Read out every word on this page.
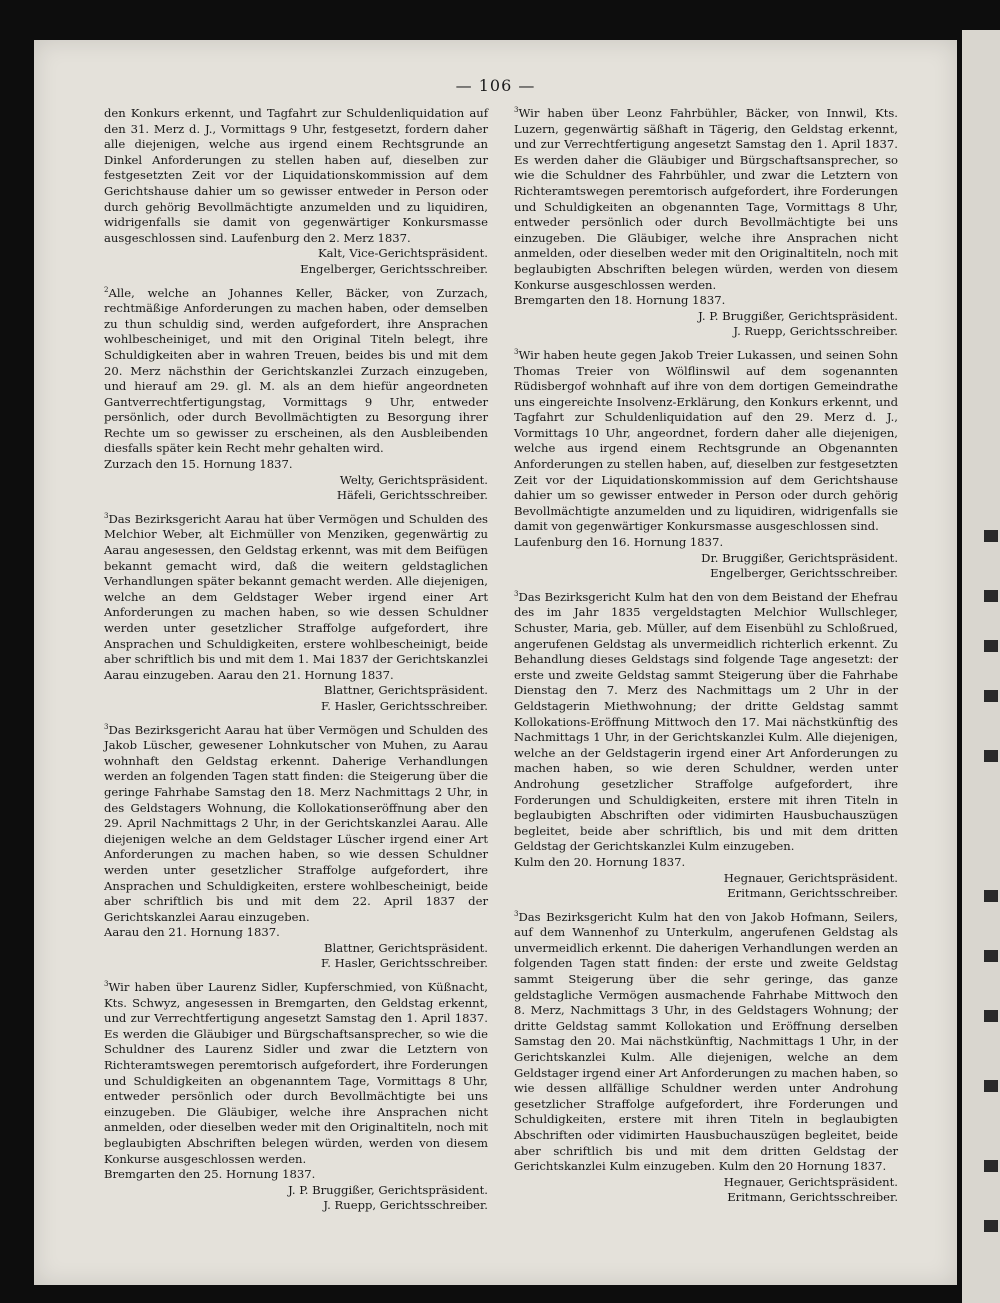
— 106 —

den Konkurs erkennt, und Tagfahrt zur Schuldenliquidation auf den 31. Merz d. J., Vormittags 9 Uhr, festgesetzt, fordern daher alle diejenigen, welche aus irgend einem Rechtsgrunde an Dinkel Anforderungen zu stellen haben auf, dieselben zur festgesetzten Zeit vor der Liquidationskommission auf dem Gerichtshause dahier um so gewisser entweder in Person oder durch gehörig Bevollmächtigte anzumelden und zu liquidiren, widrigenfalls sie damit von gegenwärtiger Konkursmasse ausgeschlossen sind. Laufenburg den 2. Merz 1837.

Kalt, Vice-Gerichtspräsident.

Engelberger, Gerichtsschreiber.

$^2$Alle, welche an Johannes Keller, Bäcker, von Zurzach, rechtmäßige Anforderungen zu machen haben, oder demselben zu thun schuldig sind, werden aufgefordert, ihre Ansprachen wohlbescheiniget, und mit den Original Titeln belegt, ihre Schuldigkeiten aber in wahren Treuen, beides bis und mit dem 20. Merz nächsthin der Gerichtskanzlei Zurzach einzugeben, und hierauf am 29. gl. M. als an dem hiefür angeordneten Gantverrechtfertigungstag, Vormittags 9 Uhr, entweder persönlich, oder durch Bevollmächtigten zu Besorgung ihrer Rechte um so gewisser zu erscheinen, als den Ausbleibenden diesfalls später kein Recht mehr gehalten wird.

Zurzach den 15. Hornung 1837.

Welty, Gerichtspräsident.

Häfeli, Gerichtsschreiber.

$^3$Das Bezirksgericht Aarau hat über Vermögen und Schulden des Melchior Weber, alt Eichmüller von Menziken, gegenwärtig zu Aarau angesessen, den Geldstag erkennt, was mit dem Beifügen bekannt gemacht wird, daß die weitern geldstaglichen Verhandlungen später bekannt gemacht werden. Alle diejenigen, welche an dem Geldstager Weber irgend einer Art Anforderungen zu machen haben, so wie dessen Schuldner werden unter gesetzlicher Straffolge aufgefordert, ihre Ansprachen und Schuldigkeiten, erstere wohlbescheinigt, beide aber schriftlich bis und mit dem 1. Mai 1837 der Gerichtskanzlei Aarau einzugeben. Aarau den 21. Hornung 1837.

Blattner, Gerichtspräsident.

F. Hasler, Gerichtsschreiber.

$^3$Das Bezirksgericht Aarau hat über Vermögen und Schulden des Jakob Lüscher, gewesener Lohnkutscher von Muhen, zu Aarau wohnhaft den Geldstag erkennt. Daherige Verhandlungen werden an folgenden Tagen statt finden: die Steigerung über die geringe Fahrhabe Samstag den 18. Merz Nachmittags 2 Uhr, in des Geldstagers Wohnung, die Kollokationseröffnung aber den 29. April Nachmittags 2 Uhr, in der Gerichtskanzlei Aarau. Alle diejenigen welche an dem Geldstager Lüscher irgend einer Art Anforderungen zu machen haben, so wie dessen Schuldner werden unter gesetzlicher Straffolge aufgefordert, ihre Ansprachen und Schuldigkeiten, erstere wohlbescheinigt, beide aber schriftlich bis und mit dem 22. April 1837 der Gerichtskanzlei Aarau einzugeben.

Aarau den 21. Hornung 1837.

Blattner, Gerichtspräsident.

F. Hasler, Gerichtsschreiber.

$^3$Wir haben über Laurenz Sidler, Kupferschmied, von Küßnacht, Kts. Schwyz, angesessen in Bremgarten, den Geldstag erkennt, und zur Verrechtfertigung angesetzt Samstag den 1. April 1837. Es werden die Gläubiger und Bürgschaftsansprecher, so wie die Schuldner des Laurenz Sidler und zwar die Letztern von Richteramtswegen peremtorisch aufgefordert, ihre Forderungen und Schuldigkeiten an obgenanntem Tage, Vormittags 8 Uhr, entweder persönlich oder durch Bevollmächtigte bei uns einzugeben. Die Gläubiger, welche ihre Ansprachen nicht anmelden, oder dieselben weder mit den Originaltiteln, noch mit beglaubigten Abschriften belegen würden, werden von diesem Konkurse ausgeschlossen werden.

Bremgarten den 25. Hornung 1837.

J. P. Bruggißer, Gerichtspräsident.

J. Ruepp, Gerichtsschreiber.

$^3$Wir haben über Leonz Fahrbühler, Bäcker, von Innwil, Kts. Luzern, gegenwärtig säßhaft in Tägerig, den Geldstag erkennt, und zur Verrechtfertigung angesetzt Samstag den 1. April 1837. Es werden daher die Gläubiger und Bürgschaftsansprecher, so wie die Schuldner des Fahrbühler, und zwar die Letztern von Richteramtswegen peremtorisch aufgefordert, ihre Forderungen und Schuldigkeiten an obgenannten Tage, Vormittags 8 Uhr, entweder persönlich oder durch Bevollmächtigte bei uns einzugeben. Die Gläubiger, welche ihre Ansprachen nicht anmelden, oder dieselben weder mit den Originaltiteln, noch mit beglaubigten Abschriften belegen würden, werden von diesem Konkurse ausgeschlossen werden.

Bremgarten den 18. Hornung 1837.

J. P. Bruggißer, Gerichtspräsident.

J. Ruepp, Gerichtsschreiber.

$^3$Wir haben heute gegen Jakob Treier Lukassen, und seinen Sohn Thomas Treier von Wölflinswil auf dem sogenannten Rüdisbergof wohnhaft auf ihre von dem dortigen Gemeindrathe uns eingereichte Insolvenz-Erklärung, den Konkurs erkennt, und Tagfahrt zur Schuldenliquidation auf den 29. Merz d. J., Vormittags 10 Uhr, angeordnet, fordern daher alle diejenigen, welche aus irgend einem Rechtsgrunde an Obgenannten Anforderungen zu stellen haben, auf, dieselben zur festgesetzten Zeit vor der Liquidationskommission auf dem Gerichtshause dahier um so gewisser entweder in Person oder durch gehörig Bevollmächtigte anzumelden und zu liquidiren, widrigenfalls sie damit von gegenwärtiger Konkursmasse ausgeschlossen sind.

Laufenburg den 16. Hornung 1837.

Dr. Bruggißer, Gerichtspräsident.

Engelberger, Gerichtsschreiber.

$^3$Das Bezirksgericht Kulm hat den von dem Beistand der Ehefrau des im Jahr 1835 vergeldstagten Melchior Wullschleger, Schuster, Maria, geb. Müller, auf dem Eisenbühl zu Schloßrued, angerufenen Geldstag als unvermeidlich richterlich erkennt. Zu Behandlung dieses Geldstags sind folgende Tage angesetzt: der erste und zweite Geldstag sammt Steigerung über die Fahrhabe Dienstag den 7. Merz des Nachmittags um 2 Uhr in der Geldstagerin Miethwohnung; der dritte Geldstag sammt Kollokations-Eröffnung Mittwoch den 17. Mai nächstkünftig des Nachmittags 1 Uhr, in der Gerichtskanzlei Kulm. Alle diejenigen, welche an der Geldstagerin irgend einer Art Anforderungen zu machen haben, so wie deren Schuldner, werden unter Androhung gesetzlicher Straffolge aufgefordert, ihre Forderungen und Schuldigkeiten, erstere mit ihren Titeln in beglaubigten Abschriften oder vidimirten Hausbuchauszügen begleitet, beide aber schriftlich, bis und mit dem dritten Geldstag der Gerichtskanzlei Kulm einzugeben.

Kulm den 20. Hornung 1837.

Hegnauer, Gerichtspräsident.

Eritmann, Gerichtsschreiber.

$^3$Das Bezirksgericht Kulm hat den von Jakob Hofmann, Seilers, auf dem Wannenhof zu Unterkulm, angerufenen Geldstag als unvermeidlich erkennt. Die daherigen Verhandlungen werden an folgenden Tagen statt finden: der erste und zweite Geldstag sammt Steigerung über die sehr geringe, das ganze geldstagliche Vermögen ausmachende Fahrhabe Mittwoch den 8. Merz, Nachmittags 3 Uhr, in des Geldstagers Wohnung; der dritte Geldstag sammt Kollokation und Eröffnung derselben Samstag den 20. Mai nächstkünftig, Nachmittags 1 Uhr, in der Gerichtskanzlei Kulm. Alle diejenigen, welche an dem Geldstager irgend einer Art Anforderungen zu machen haben, so wie dessen allfällige Schuldner werden unter Androhung gesetzlicher Straffolge aufgefordert, ihre Forderungen und Schuldigkeiten, erstere mit ihren Titeln in beglaubigten Abschriften oder vidimirten Hausbuchauszügen begleitet, beide aber schriftlich bis und mit dem dritten Geldstag der Gerichtskanzlei Kulm einzugeben. Kulm den 20 Hornung 1837.

Hegnauer, Gerichtspräsident.

Eritmann, Gerichtsschreiber.
